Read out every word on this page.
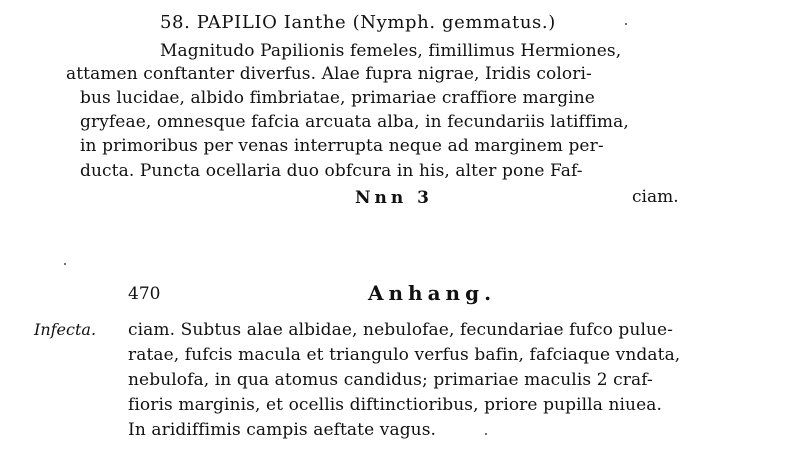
58. PAPILIO Ianthe (Nymph. gemmatus.)
Magnitudo Papilionis femeles, fimillimus Hermiones,
attamen conftanter diverfus. Alae fupra nigrae, Iridis colori-
bus lucidae, albido fimbriatae, primariae craffiore margine
gryfeae, omnesque fafcia arcuata alba, in fecundariis latiffima,
in primoribus per venas interrupta neque ad marginem per-
ducta. Puncta ocellaria duo obfcura in his, alter pone Faf-
Nnn 3	ciam.
470	Anhang.
Infecta. ciam. Subtus alae albidae, nebulofae, fecundariae fufco pulue-
ratae, fufcis macula et triangulo verfus bafin, fafciaque vndata,
nebulofa, in qua atomus candidus; primariae maculis 2 craf-
fioris marginis, et ocellis diftinctioribus, priore pupilla niuea.
In aridiffimis campis aeftate vagus.
